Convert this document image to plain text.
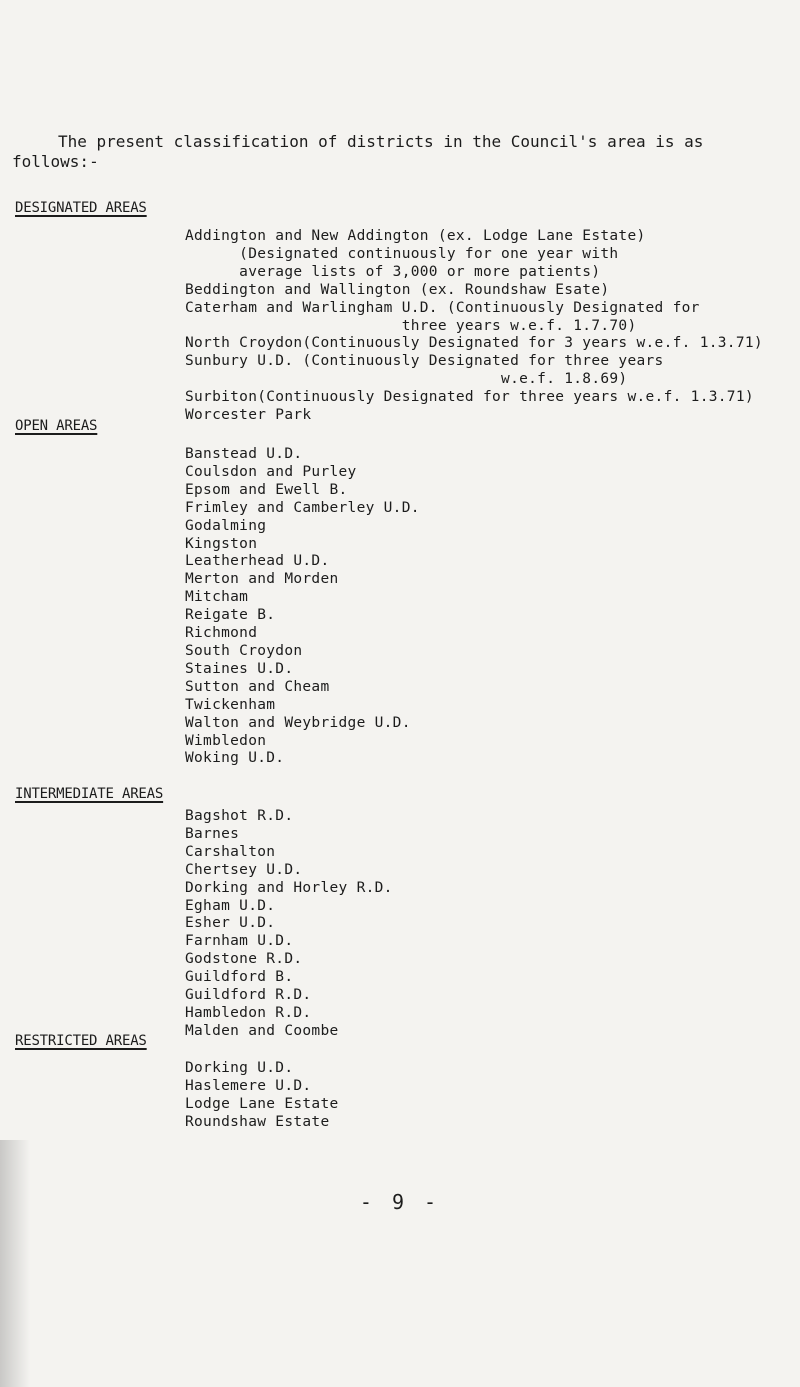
The present classification of districts in the Council's area is as follows:-

DESIGNATED AREAS
Addington and New Addington (ex. Lodge Lane Estate)
(Designated continuously for one year with
average lists of 3,000 or more patients)
Beddington and Wallington (ex. Roundshaw Esate)
Caterham and Warlingham U.D. (Continuously Designated for
three years w.e.f. 1.7.70)
North Croydon(Continuously Designated for 3 years w.e.f. 1.3.71)
Sunbury U.D. (Continuously Designated for three years
w.e.f. 1.8.69)
Surbiton(Continuously Designated for three years w.e.f. 1.3.71)
Worcester Park
OPEN AREAS
Banstead U.D.
Coulsdon and Purley
Epsom and Ewell B.
Frimley and Camberley U.D.
Godalming
Kingston
Leatherhead U.D.
Merton and Morden
Mitcham
Reigate B.
Richmond
South Croydon
Staines U.D.
Sutton and Cheam
Twickenham
Walton and Weybridge U.D.
Wimbledon
Woking U.D.
INTERMEDIATE AREAS
Bagshot R.D.
Barnes
Carshalton
Chertsey U.D.
Dorking and Horley R.D.
Egham U.D.
Esher U.D.
Farnham U.D.
Godstone R.D.
Guildford B.
Guildford R.D.
Hambledon R.D.
Malden and Coombe
RESTRICTED AREAS
Dorking U.D.
Haslemere U.D.
Lodge Lane Estate
Roundshaw Estate
- 9 -
